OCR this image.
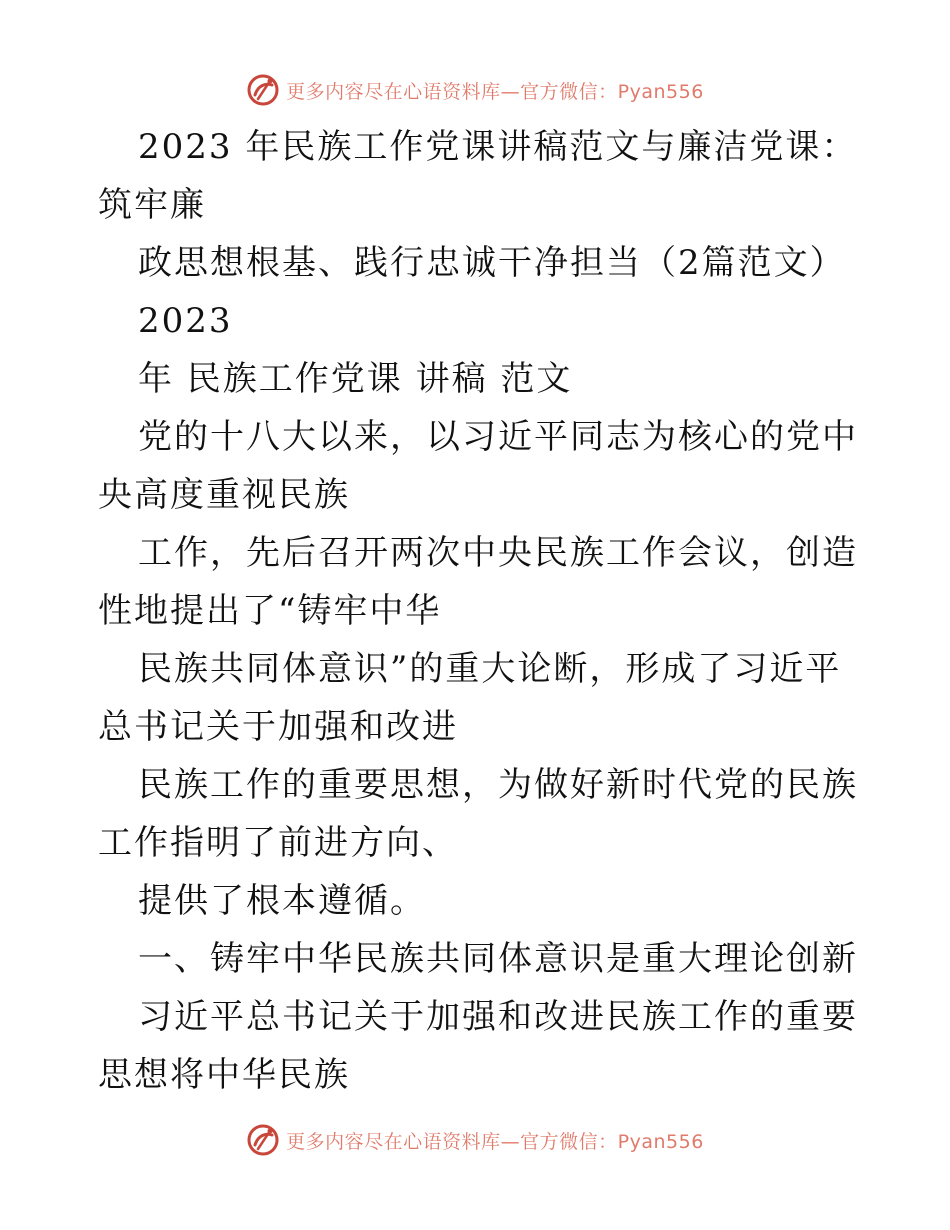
更多内容尽在心语资料库—官方微信：Pyan556

2023 年民族工作党课讲稿范文与廉洁党课：筑牢廉

政思想根基、践行忠诚干净担当（2篇范文）

2023

年 民族工作党课 讲稿 范文

党的十八大以来，以习近平同志为核心的党中央高度重视民族

工作，先后召开两次中央民族工作会议，创造性地提出了“铸牢中华

民族共同体意识”的重大论断，形成了习近平总书记关于加强和改进

民族工作的重要思想，为做好新时代党的民族工作指明了前进方向、

提供了根本遵循。

一、铸牢中华民族共同体意识是重大理论创新

习近平总书记关于加强和改进民族工作的重要思想将中华民族

更多内容尽在心语资料库—官方微信：Pyan556
